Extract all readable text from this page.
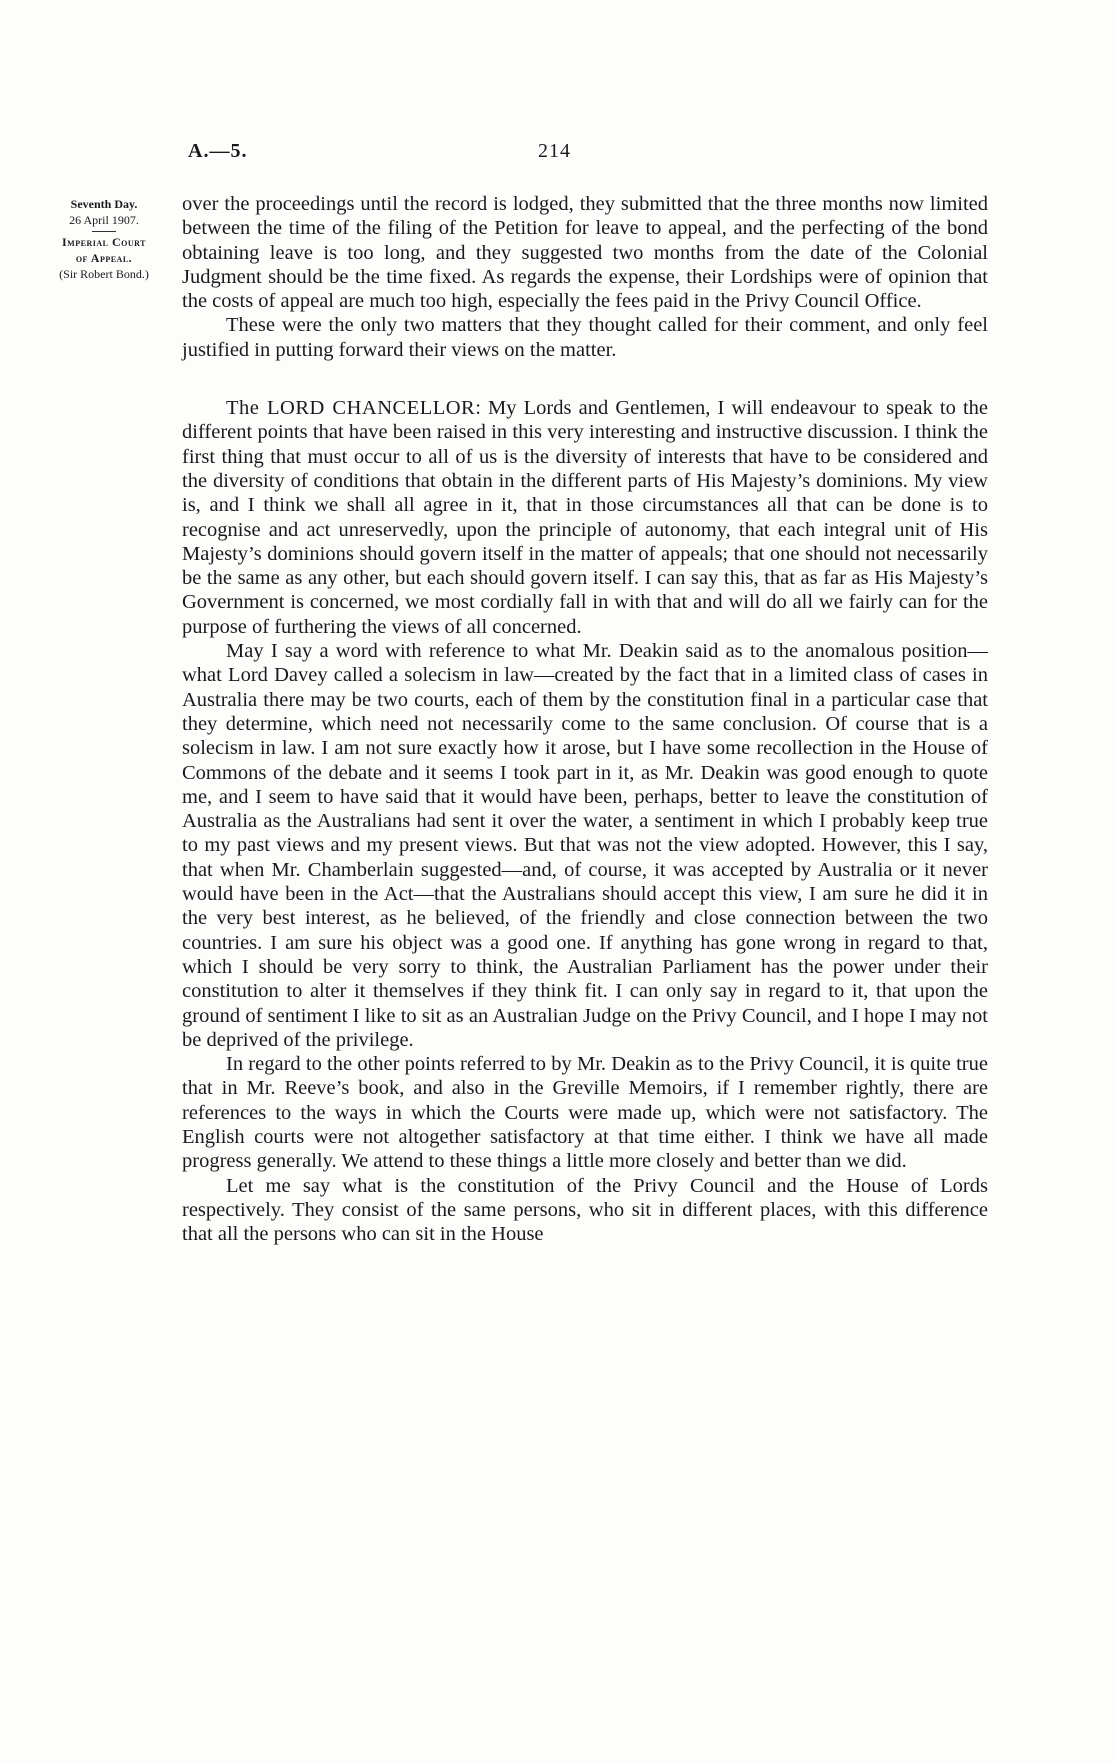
A.—5.	214
Seventh Day.
26 April 1907.
Imperial Court
of Appeal.
(Sir Robert Bond.)

over the proceedings until the record is lodged, they submitted that the three months now limited between the time of the filing of the Petition for leave to appeal, and the perfecting of the bond obtaining leave is too long, and they suggested two months from the date of the Colonial Judgment should be the time fixed. As regards the expense, their Lordships were of opinion that the costs of appeal are much too high, especially the fees paid in the Privy Council Office.

These were the only two matters that they thought called for their comment, and only feel justified in putting forward their views on the matter.

The LORD CHANCELLOR: My Lords and Gentlemen, I will endeavour to speak to the different points that have been raised in this very interesting and instructive discussion. I think the first thing that must occur to all of us is the diversity of interests that have to be considered and the diversity of conditions that obtain in the different parts of His Majesty’s dominions. My view is, and I think we shall all agree in it, that in those circumstances all that can be done is to recognise and act unreservedly, upon the principle of autonomy, that each integral unit of His Majesty’s dominions should govern itself in the matter of appeals; that one should not necessarily be the same as any other, but each should govern itself. I can say this, that as far as His Majesty’s Government is concerned, we most cordially fall in with that and will do all we fairly can for the purpose of furthering the views of all concerned.

May I say a word with reference to what Mr. Deakin said as to the anomalous position—what Lord Davey called a solecism in law—created by the fact that in a limited class of cases in Australia there may be two courts, each of them by the constitution final in a particular case that they determine, which need not necessarily come to the same conclusion. Of course that is a solecism in law. I am not sure exactly how it arose, but I have some recollection in the House of Commons of the debate and it seems I took part in it, as Mr. Deakin was good enough to quote me, and I seem to have said that it would have been, perhaps, better to leave the constitution of Australia as the Australians had sent it over the water, a sentiment in which I probably keep true to my past views and my present views. But that was not the view adopted. However, this I say, that when Mr. Chamberlain suggested—and, of course, it was accepted by Australia or it never would have been in the Act—that the Australians should accept this view, I am sure he did it in the very best interest, as he believed, of the friendly and close connection between the two countries. I am sure his object was a good one. If anything has gone wrong in regard to that, which I should be very sorry to think, the Australian Parliament has the power under their constitution to alter it themselves if they think fit. I can only say in regard to it, that upon the ground of sentiment I like to sit as an Australian Judge on the Privy Council, and I hope I may not be deprived of the privilege.

In regard to the other points referred to by Mr. Deakin as to the Privy Council, it is quite true that in Mr. Reeve’s book, and also in the Greville Memoirs, if I remember rightly, there are references to the ways in which the Courts were made up, which were not satisfactory. The English courts were not altogether satisfactory at that time either. I think we have all made progress generally. We attend to these things a little more closely and better than we did.

Let me say what is the constitution of the Privy Council and the House of Lords respectively. They consist of the same persons, who sit in different places, with this difference that all the persons who can sit in the House
